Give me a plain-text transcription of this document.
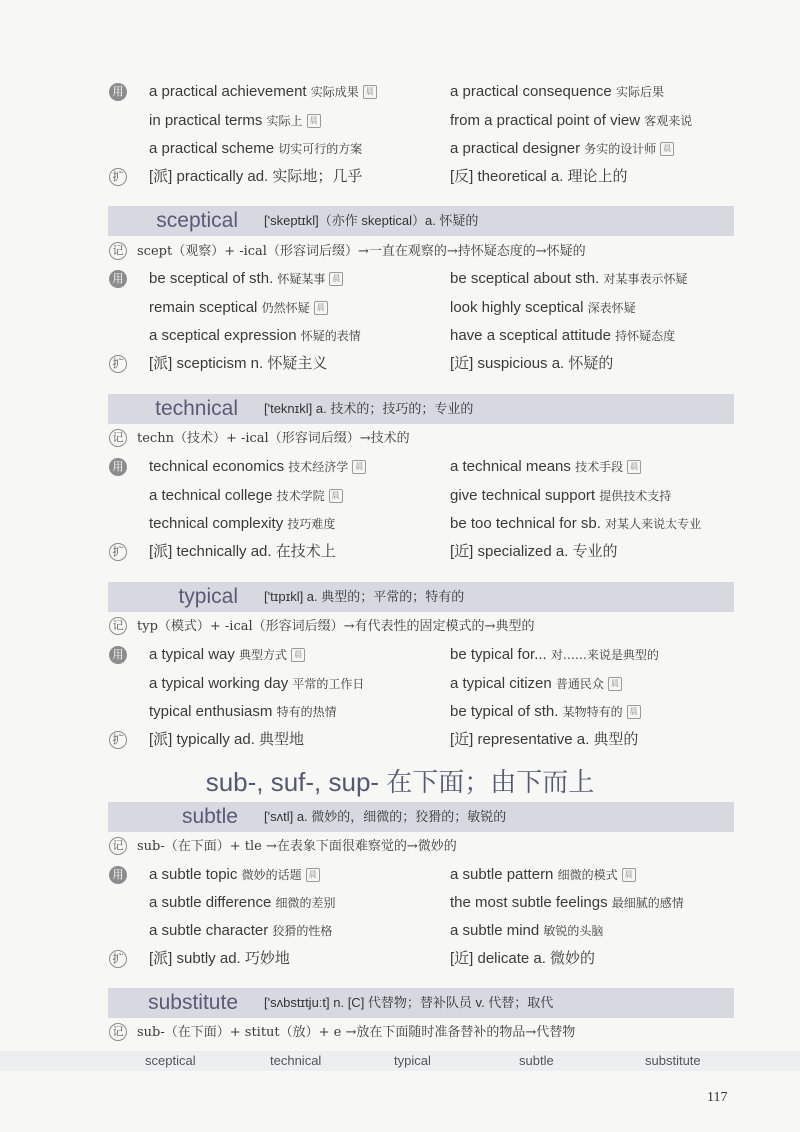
用 a practical achievement 实际成果 晨	a practical consequence 实际后果
in practical terms 实际上 晨	from a practical point of view 客观来说
a practical scheme 切实可行的方案	a practical designer 务实的设计师 晨
扩 [派] practically ad. 实际地；几乎	[反] theoretical a. 理论上的
sceptical ['skeptɪkl]（亦作 skeptical）a. 怀疑的
记 scept（观察）+ -ical（形容词后缀）→一直在观察的→持怀疑态度的→怀疑的
用 be sceptical of sth. 怀疑某事 晨	be sceptical about sth. 对某事表示怀疑
remain sceptical 仍然怀疑 晨	look highly sceptical 深表怀疑
a sceptical expression 怀疑的表情	have a sceptical attitude 持怀疑态度
扩 [派] scepticism n. 怀疑主义	[近] suspicious a. 怀疑的
technical ['teknɪkl] a. 技术的；技巧的；专业的
记 techn（技术）+ -ical（形容词后缀）→技术的
用 technical economics 技术经济学 晨	a technical means 技术手段 晨
a technical college 技术学院 晨	give technical support 提供技术支持
technical complexity 技巧难度	be too technical for sb. 对某人来说太专业
扩 [派] technically ad. 在技术上	[近] specialized a. 专业的
typical ['tɪpɪkl] a. 典型的；平常的；特有的
记 typ（模式）+ -ical（形容词后缀）→有代表性的固定模式的→典型的
用 a typical way 典型方式 晨	be typical for... 对……来说是典型的
a typical working day 平常的工作日	a typical citizen 普通民众 晨
typical enthusiasm 特有的热情	be typical of sth. 某物特有的 晨
扩 [派] typically ad. 典型地	[近] representative a. 典型的
sub-, suf-, sup- 在下面；由下而上
subtle ['sʌtl] a. 微妙的，细微的；狡猾的；敏锐的
记 sub-（在下面）+ tle →在表象下面很难察觉的→微妙的
用 a subtle topic 微妙的话题 晨	a subtle pattern 细微的模式 晨
a subtle difference 细微的差别	the most subtle feelings 最细腻的感情
a subtle character 狡猾的性格	a subtle mind 敏锐的头脑
扩 [派] subtly ad. 巧妙地	[近] delicate a. 微妙的
substitute ['sʌbstɪtjuːt] n. [C] 代替物；替补队员 v. 代替；取代
记 sub-（在下面）+ stitut（放）+ e →放在下面随时准备替补的物品→代替物
sceptical	technical	typical	subtle	substitute
117
